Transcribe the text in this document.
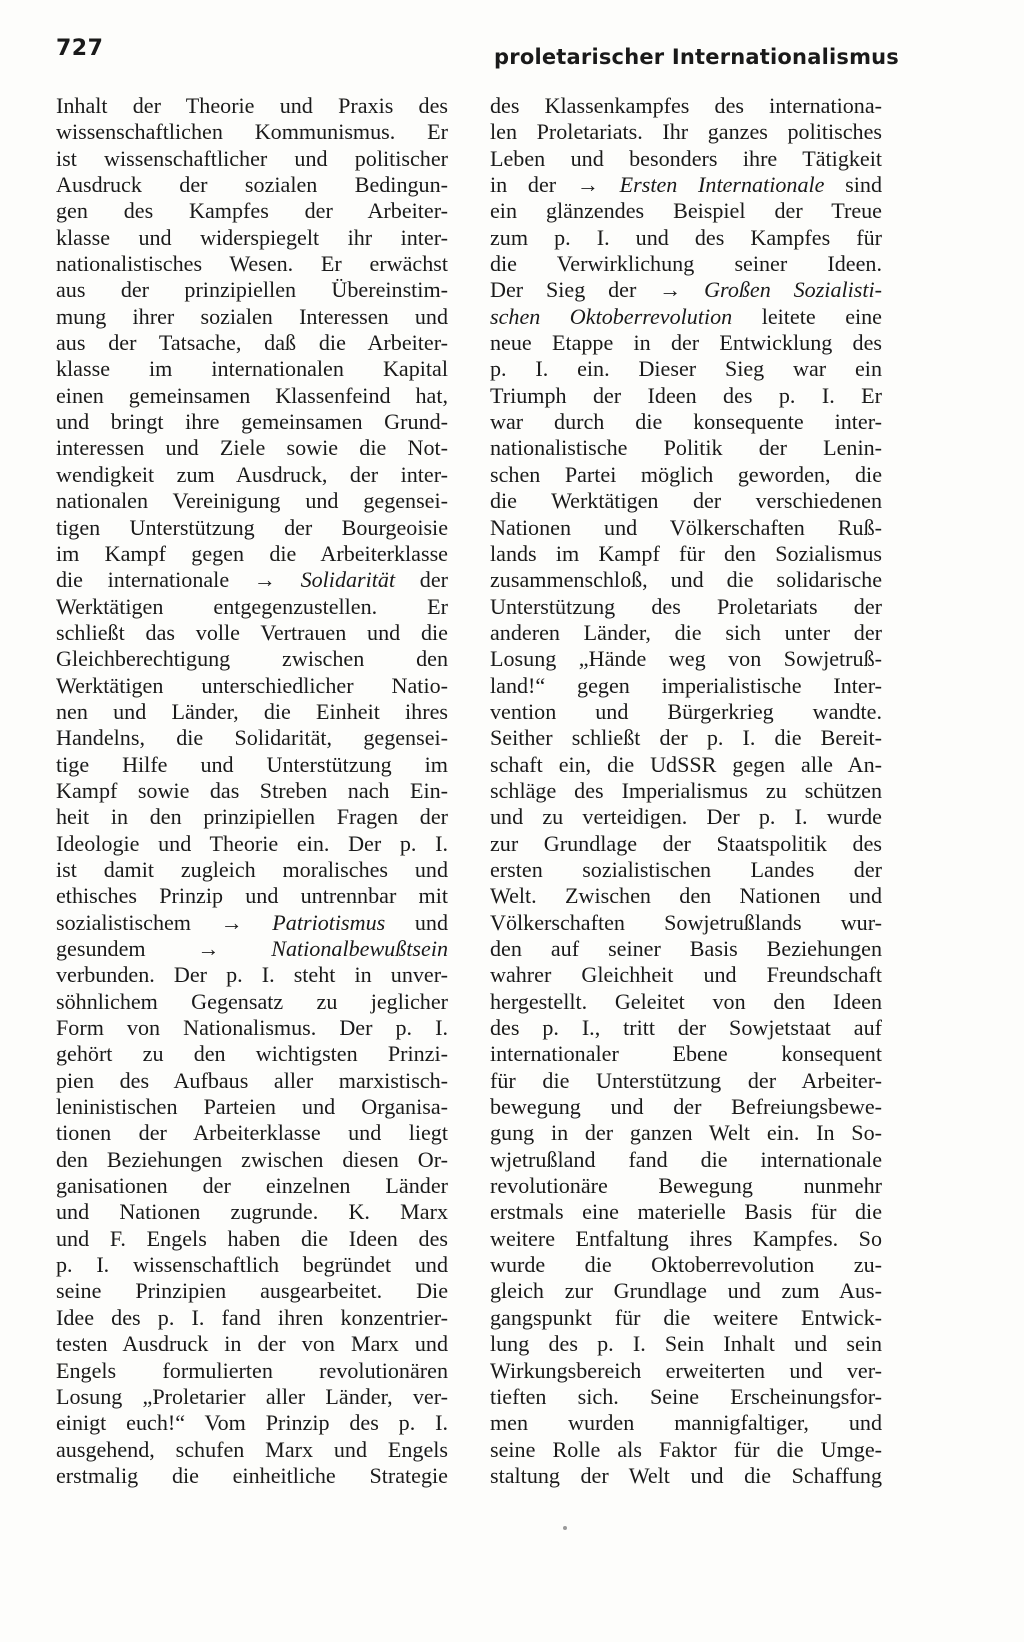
727	proletarischer Internationalismus
Inhalt der Theorie und Praxis des
wissenschaftlichen Kommunismus. Er
ist wissenschaftlicher und politischer
Ausdruck der sozialen Bedingun-
gen des Kampfes der Arbeiter-
klasse und widerspiegelt ihr inter-
nationalistisches Wesen. Er erwächst
aus der prinzipiellen Übereinstim-
mung ihrer sozialen Interessen und
aus der Tatsache, daß die Arbeiter-
klasse im internationalen Kapital
einen gemeinsamen Klassenfeind hat,
und bringt ihre gemeinsamen Grund-
interessen und Ziele sowie die Not-
wendigkeit zum Ausdruck, der inter-
nationalen Vereinigung und gegensei-
tigen Unterstützung der Bourgeoisie
im Kampf gegen die Arbeiterklasse
die internationale → Solidarität der
Werktätigen entgegenzustellen. Er
schließt das volle Vertrauen und die
Gleichberechtigung zwischen den
Werktätigen unterschiedlicher Natio-
nen und Länder, die Einheit ihres
Handelns, die Solidarität, gegensei-
tige Hilfe und Unterstützung im
Kampf sowie das Streben nach Ein-
heit in den prinzipiellen Fragen der
Ideologie und Theorie ein. Der p. I.
ist damit zugleich moralisches und
ethisches Prinzip und untrennbar mit
sozialistischem → Patriotismus und
gesundem → Nationalbewußtsein
verbunden. Der p. I. steht in unver-
söhnlichem Gegensatz zu jeglicher
Form von Nationalismus. Der p. I.
gehört zu den wichtigsten Prinzi-
pien des Aufbaus aller marxistisch-
leninistischen Parteien und Organisa-
tionen der Arbeiterklasse und liegt
den Beziehungen zwischen diesen Or-
ganisationen der einzelnen Länder
und Nationen zugrunde. K. Marx
und F. Engels haben die Ideen des
p. I. wissenschaftlich begründet und
seine Prinzipien ausgearbeitet. Die
Idee des p. I. fand ihren konzentrier-
testen Ausdruck in der von Marx und
Engels formulierten revolutionären
Losung „Proletarier aller Länder, ver-
einigt euch!“ Vom Prinzip des p. I.
ausgehend, schufen Marx und Engels
erstmalig die einheitliche Strategie
des Klassenkampfes des internationa-
len Proletariats. Ihr ganzes politisches
Leben und besonders ihre Tätigkeit
in der → Ersten Internationale sind
ein glänzendes Beispiel der Treue
zum p. I. und des Kampfes für
die Verwirklichung seiner Ideen.
Der Sieg der → Großen Sozialisti-
schen Oktoberrevolution leitete eine
neue Etappe in der Entwicklung des
p. I. ein. Dieser Sieg war ein
Triumph der Ideen des p. I. Er
war durch die konsequente inter-
nationalistische Politik der Lenin-
schen Partei möglich geworden, die
die Werktätigen der verschiedenen
Nationen und Völkerschaften Ruß-
lands im Kampf für den Sozialismus
zusammenschloß, und die solidarische
Unterstützung des Proletariats der
anderen Länder, die sich unter der
Losung „Hände weg von Sowjetruß-
land!“ gegen imperialistische Inter-
vention und Bürgerkrieg wandte.
Seither schließt der p. I. die Bereit-
schaft ein, die UdSSR gegen alle An-
schläge des Imperialismus zu schützen
und zu verteidigen. Der p. I. wurde
zur Grundlage der Staatspolitik des
ersten sozialistischen Landes der
Welt. Zwischen den Nationen und
Völkerschaften Sowjetrußlands wur-
den auf seiner Basis Beziehungen
wahrer Gleichheit und Freundschaft
hergestellt. Geleitet von den Ideen
des p. I., tritt der Sowjetstaat auf
internationaler Ebene konsequent
für die Unterstützung der Arbeiter-
bewegung und der Befreiungsbewe-
gung in der ganzen Welt ein. In So-
wjetrußland fand die internationale
revolutionäre Bewegung nunmehr
erstmals eine materielle Basis für die
weitere Entfaltung ihres Kampfes. So
wurde die Oktoberrevolution zu-
gleich zur Grundlage und zum Aus-
gangspunkt für die weitere Entwick-
lung des p. I. Sein Inhalt und sein
Wirkungsbereich erweiterten und ver-
tieften sich. Seine Erscheinungsfor-
men wurden mannigfaltiger, und
seine Rolle als Faktor für die Umge-
staltung der Welt und die Schaffung
